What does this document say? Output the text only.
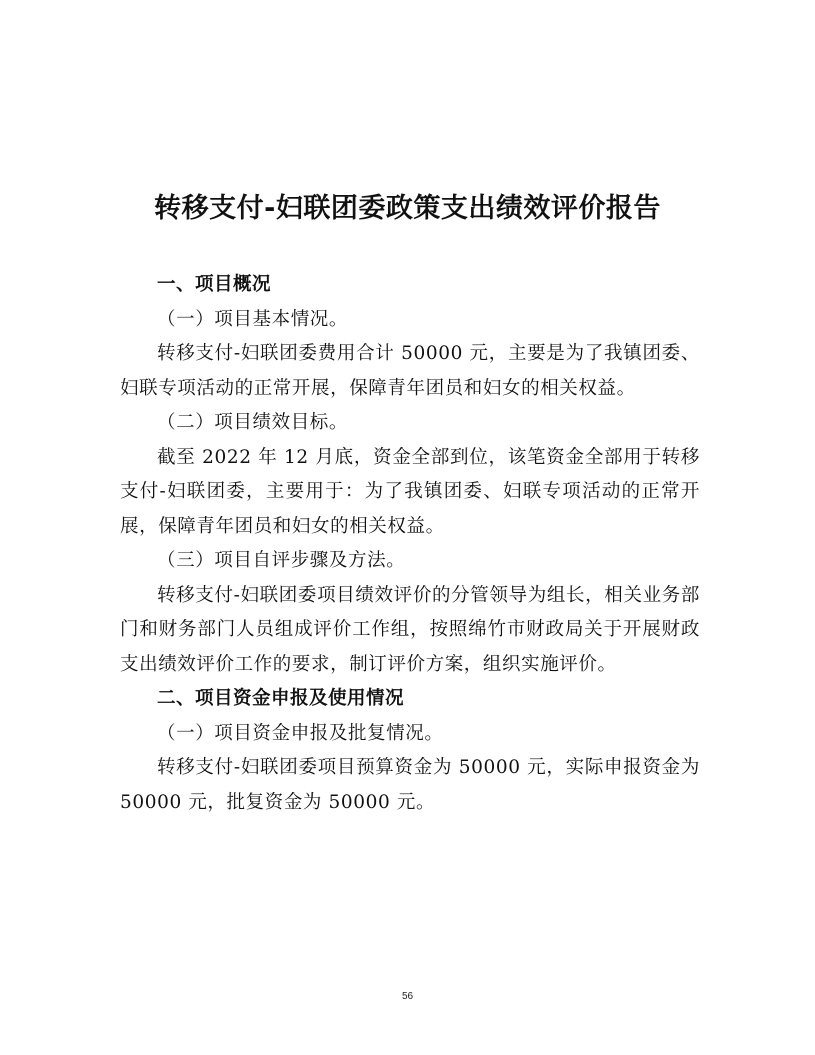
转移支付-妇联团委政策支出绩效评价报告
一、项目概况

（一）项目基本情况。

转移支付-妇联团委费用合计 50000 元，主要是为了我镇团委、妇联专项活动的正常开展，保障青年团员和妇女的相关权益。

（二）项目绩效目标。

截至 2022 年 12 月底，资金全部到位，该笔资金全部用于转移支付-妇联团委，主要用于：为了我镇团委、妇联专项活动的正常开展，保障青年团员和妇女的相关权益。

（三）项目自评步骤及方法。

转移支付-妇联团委项目绩效评价的分管领导为组长，相关业务部门和财务部门人员组成评价工作组，按照绵竹市财政局关于开展财政支出绩效评价工作的要求，制订评价方案，组织实施评价。

二、项目资金申报及使用情况

（一）项目资金申报及批复情况。

转移支付-妇联团委项目预算资金为 50000 元，实际申报资金为 50000 元，批复资金为 50000 元。

56
